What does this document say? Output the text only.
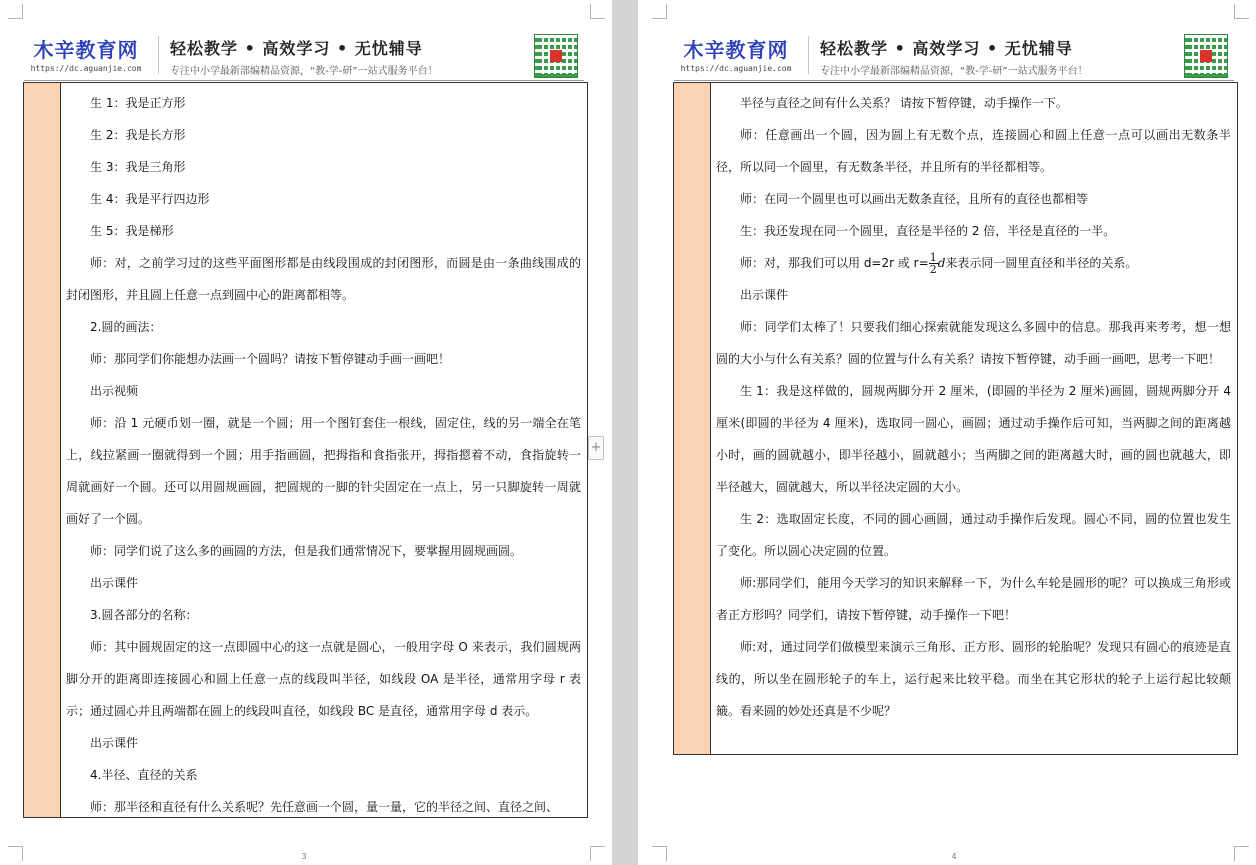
木辛教育网
https://dc.aguanjie.com
轻松教学 • 高效学习 • 无忧辅导
专注中小学最新部编精品资源，“教-学-研”一站式服务平台！

生 1：我是正方形

生 2：我是长方形

生 3：我是三角形

生 4：我是平行四边形

生 5：我是梯形

师：对，之前学习过的这些平面图形都是由线段围成的封闭图形，而圆是由一条曲线围成的封闭图形，并且圆上任意一点到圆中心的距离都相等。

2.圆的画法：

师：那同学们你能想办法画一个圆吗？请按下暂停键动手画一画吧！

出示视频

师：沿 1 元硬币划一圈，就是一个圆；用一个图钉套住一根线，固定住，线的另一端全在笔上，线拉紧画一圈就得到一个圆；用手指画圆，把拇指和食指张开，拇指摁着不动，食指旋转一周就画好一个圆。还可以用圆规画圆，把圆规的一脚的针尖固定在一点上，另一只脚旋转一周就画好了一个圆。

师：同学们说了这么多的画圆的方法，但是我们通常情况下，要掌握用圆规画圆。

出示课件

3.圆各部分的名称：

师：其中圆规固定的这一点即圆中心的这一点就是圆心，一般用字母 O 来表示，我们圆规两脚分开的距离即连接圆心和圆上任意一点的线段叫半径，如线段 OA 是半径，通常用字母 r 表示；通过圆心并且两端都在圆上的线段叫直径，如线段 BC 是直径，通常用字母 d 表示。

出示课件

4.半径、直径的关系

师：那半径和直径有什么关系呢？先任意画一个圆，量一量，它的半径之间、直径之间、

3
+
木辛教育网
https://dc.aguanjie.com
轻松教学 • 高效学习 • 无忧辅导
专注中小学最新部编精品资源，“教-学-研”一站式服务平台！

半径与直径之间有什么关系？ 请按下暂停键，动手操作一下。

师：任意画出一个圆，因为圆上有无数个点，连接圆心和圆上任意一点可以画出无数条半径，所以同一个圆里，有无数条半径，并且所有的半径都相等。

师：在同一个圆里也可以画出无数条直径，且所有的直径也都相等

生：我还发现在同一个圆里，直径是半径的 2 倍，半径是直径的一半。

师：对，那我们可以用 d=2r 或 $r= \frac{1}{2}$ d来表示同一圆里直径和半径的关系。

出示课件

师：同学们太棒了！只要我们细心探索就能发现这么多圆中的信息。那我再来考考，想一想圆的大小与什么有关系？圆的位置与什么有关系？请按下暂停键，动手画一画吧，思考一下吧！

生 1：我是这样做的，圆规两脚分开 2 厘米，(即圆的半径为 2 厘米)画圆，圆规两脚分开 4 厘米(即圆的半径为 4 厘米)，选取同一圆心，画圆；通过动手操作后可知，当两脚之间的距离越小时，画的圆就越小，即半径越小，圆就越小；当两脚之间的距离越大时，画的圆也就越大，即半径越大，圆就越大，所以半径决定圆的大小。

生 2：选取固定长度，不同的圆心画圆，通过动手操作后发现。圆心不同，圆的位置也发生了变化。所以圆心决定圆的位置。

师:那同学们，能用今天学习的知识来解释一下，为什么车轮是圆形的呢？可以换成三角形或者正方形吗？同学们，请按下暂停键，动手操作一下吧！

师:对，通过同学们做模型来演示三角形、正方形、圆形的轮胎呢？发现只有圆心的痕迹是直线的，所以坐在圆形轮子的车上，运行起来比较平稳。而坐在其它形状的轮子上运行起比较颠簸。看来圆的妙处还真是不少呢？

4
